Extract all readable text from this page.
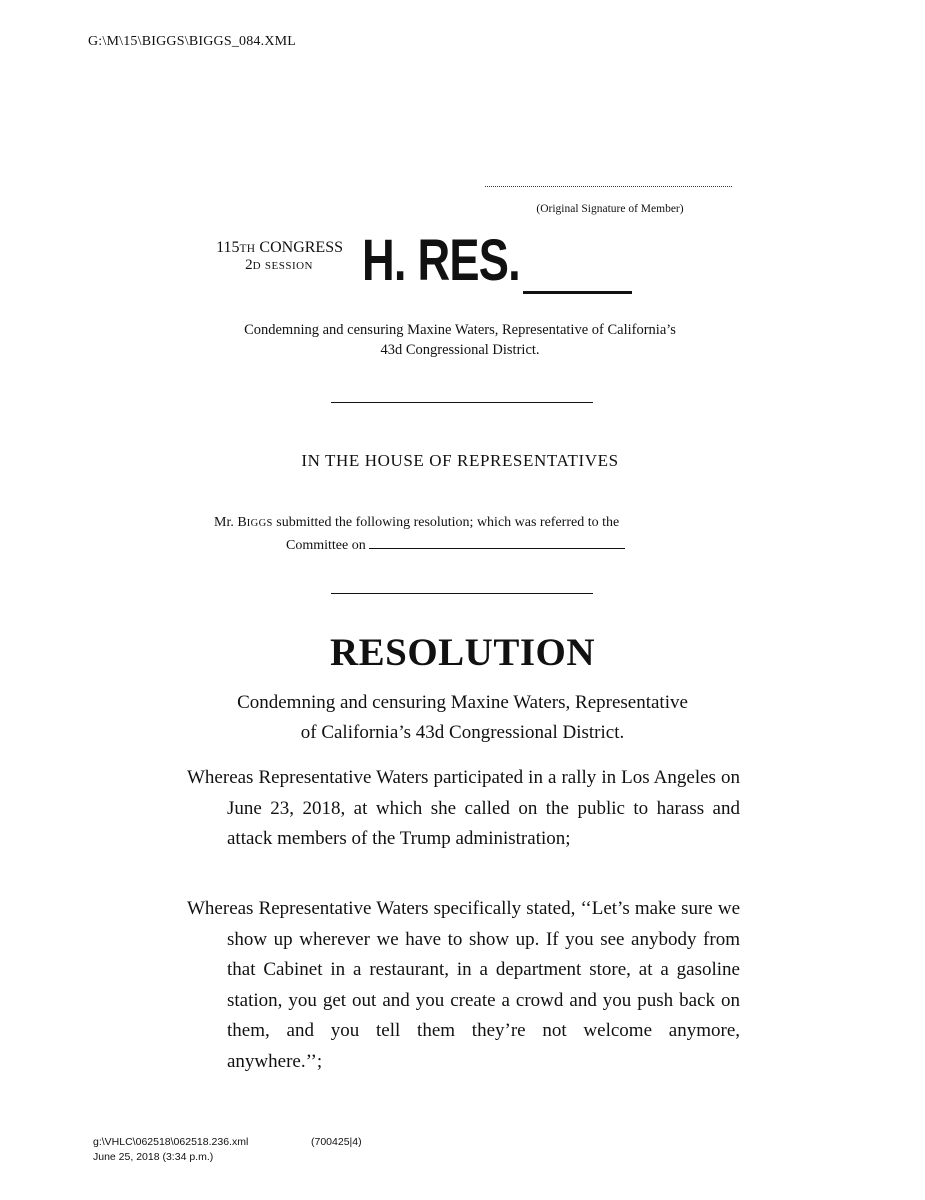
G:\M\15\BIGGS\BIGGS_084.XML
(Original Signature of Member)
115TH CONGRESS
2D SESSION H. RES.
Condemning and censuring Maxine Waters, Representative of California’s
43d Congressional District.
IN THE HOUSE OF REPRESENTATIVES
Mr. BIGGS submitted the following resolution; which was referred to the
Committee on
RESOLUTION
Condemning and censuring Maxine Waters, Representative
of California’s 43d Congressional District.
Whereas Representative Waters participated in a rally in Los Angeles on June 23, 2018, at which she called on the public to harass and attack members of the Trump administration;
Whereas Representative Waters specifically stated, ‘‘Let’s make sure we show up wherever we have to show up. If you see anybody from that Cabinet in a restaurant, in a department store, at a gasoline station, you get out and you create a crowd and you push back on them, and you tell them they’re not welcome anymore, anywhere.’’;
g:\VHLC\062518\062518.236.xml	(700425|4)
June 25, 2018 (3:34 p.m.)
